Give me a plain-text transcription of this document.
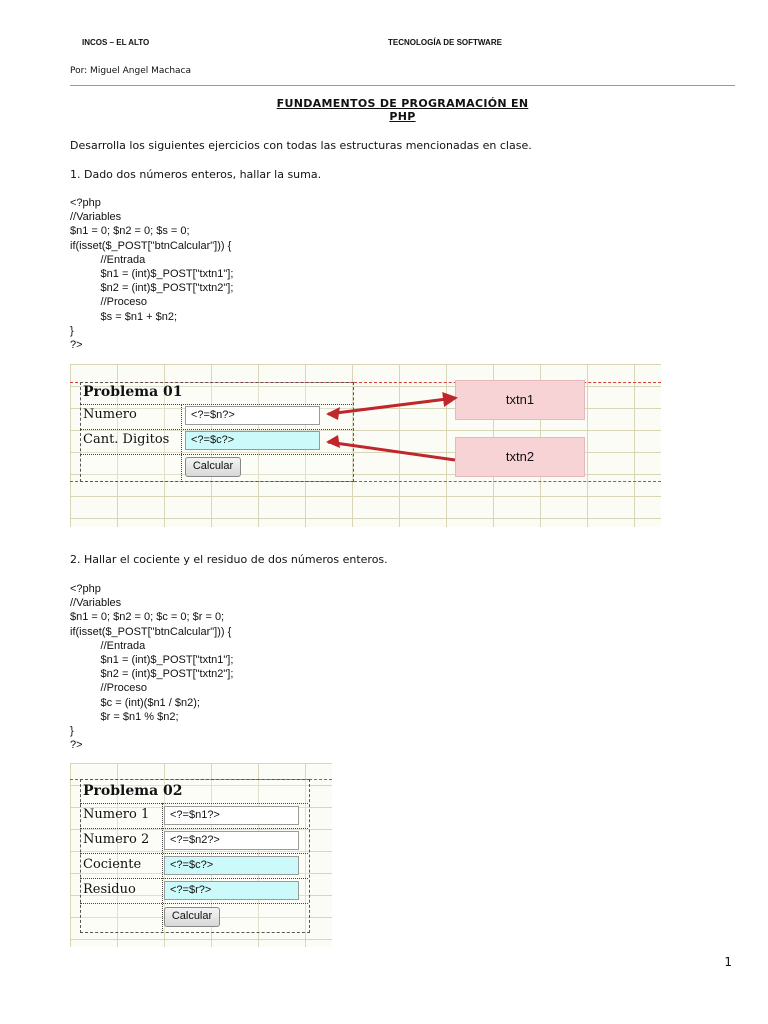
INCOS – EL ALTO	TECNOLOGÍA DE SOFTWARE
Por: Miguel Angel Machaca
FUNDAMENTOS DE PROGRAMACIÓN EN
PHP
Desarrolla los siguientes ejercicios con todas las estructuras mencionadas en clase.
1. Dado dos números enteros, hallar la suma.
<?php
//Variables
$n1 = 0; $n2 = 0; $s = 0;
if(isset($_POST["btnCalcular"])) {
//Entrada
$n1 = (int)$_POST["txtn1"];
$n2 = (int)$_POST["txtn2"];
//Proceso
$s = $n1 + $n2;
}
?>
Problema 01
Numero	<?=$n?>
Cant. Digitos	<?=$c?>
Calcular
txtn1
txtn2
2. Hallar el cociente y el residuo de dos números enteros.
<?php
//Variables
$n1 = 0; $n2 = 0; $c = 0; $r = 0;
if(isset($_POST["btnCalcular"])) {
//Entrada
$n1 = (int)$_POST["txtn1"];
$n2 = (int)$_POST["txtn2"];
//Proceso
$c = (int)($n1 / $n2);
$r = $n1 % $n2;
}
?>
Problema 02
Numero 1	<?=$n1?>
Numero 2	<?=$n2?>
Cociente	<?=$c?>
Residuo	<?=$r?>
Calcular
1
